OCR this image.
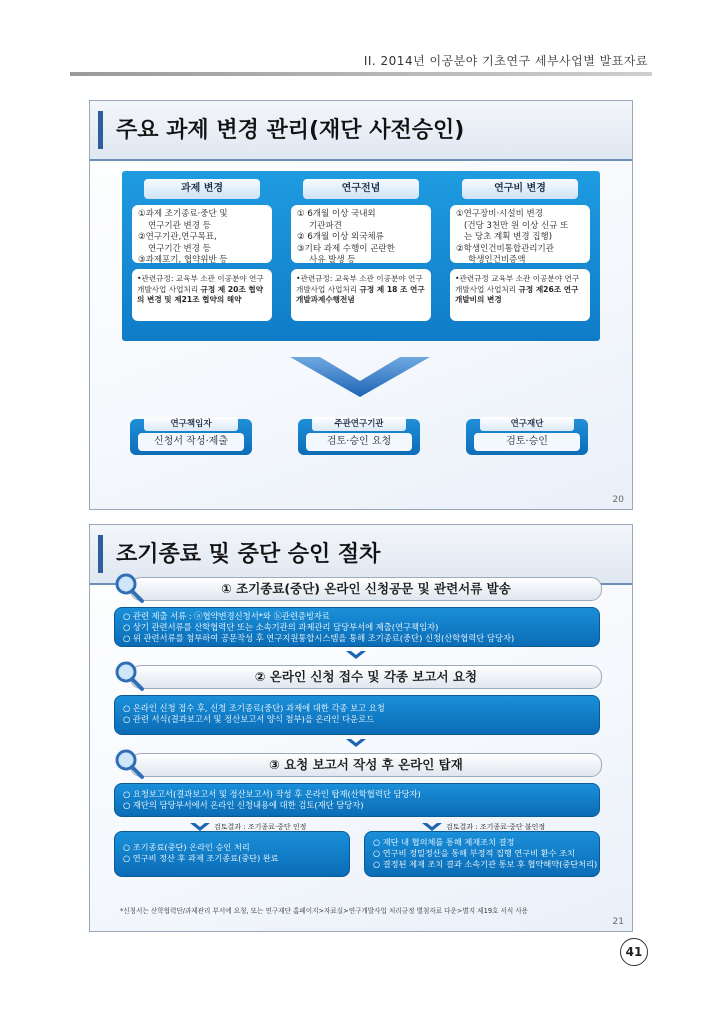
II. 2014년 이공분야 기초연구 세부사업별 발표자료
주요 과제 변경 관리(재단 사전승인)
과제 변경
①과제 조기종료·중단 및
연구기관 변경 등
②연구기관,연구목표,
연구기간 변경 등
③과제포기, 협약위반 등
•관련규정: 교육부 소관 이공분야 연구개발사업 사업처리 규정 제 20조 협약의 변경 및 제21조 협약의 해약
연구전념
① 6개월 이상 국내외
기관파견
② 6개월 이상 외국체류
③기타 과제 수행이 곤란한
사유 발생 등
•관련규정: 교육부 소관 이공분야 연구개발사업 사업처리 규정 제 18 조 연구개발과제수행전념
연구비 변경
①연구장비·시설비 변경
(건당 3천만 원 이상 신규 또
는 당초 계획 변경 집행)
②학생인건비통합관리기관
학생인건비증액
•관련규정 교육부 소관 이공분야 연구개발사업 사업처리 규정 제26조 연구개발비의 변경
연구책임자
신청서 작성·제출
주관연구기관
검토·승인 요청
연구재단
검토·승인
20
조기종료 및 중단 승인 절차
① 조기종료(중단) 온라인 신청공문 및 관련서류 발송
○ 관련 제출 서류 : ⓐ협약변경신청서*와 ⓑ관련증빙자료
○ 상기 관련서류를 산학협력단 또는 소속기관의 과제관리 담당부서에 제출(연구책임자)
○ 위 관련서류를 첨부하여 공문작성 후 연구지원통합시스템을 통해 조기종료(중단) 신청(산학협력단 담당자)
② 온라인 신청 접수 및 각종 보고서 요청
○ 온라인 신청 접수 후, 신청 조기종료(중단) 과제에 대한 각종 보고 요청
○ 관련 서식(결과보고서 및 정산보고서 양식 첨부)을 온라인 다운로드
③ 요청 보고서 작성 후 온라인 탑재
○ 요청보고서(결과보고서 및 정산보고서) 작성 후 온라인 탑재(산학협력단 담당자)
○ 재단의 담당부서에서 온라인 신청내용에 대한 검토(재단 담당자)
검토결과 : 조기종료·중단 인정	검토결과 : 조기종료·중단 불인정
○ 조기종료(중단) 온라인 승인 처리
○ 연구비 정산 후 과제 조기종료(중단) 완료
○ 재단 내 협의체를 통해 제재조치 결정
○ 연구비 정밀정산을 통해 부정적 집행 연구비 환수 조치
○ 결정된 제재 조치 결과 소속기관 통보 후 협약해약(중단처리)
*신청서는 산학협력단/과제관리 부서에 요청, 또는 연구재단 홈페이지>자료실>연구개발사업 처리규정 별첨자료 다운>별지 제19호 서식 사용
21
41
